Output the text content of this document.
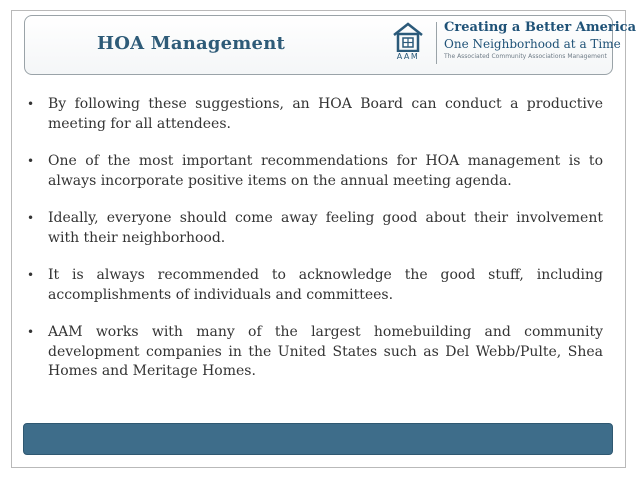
HOA Management
AAM
Creating a Better America
One Neighborhood at a Time
The Associated Community Associations Management
• By following these suggestions, an HOA Board can conduct a productive meeting for all attendees.
• One of the most important recommendations for HOA management is to always incorporate positive items on the annual meeting agenda.
• Ideally, everyone should come away feeling good about their involvement with their neighborhood.
• It is always recommended to acknowledge the good stuff, including accomplishments of individuals and committees.
• AAM works with many of the largest homebuilding and community development companies in the United States such as Del Webb/Pulte, Shea Homes and Meritage Homes.
